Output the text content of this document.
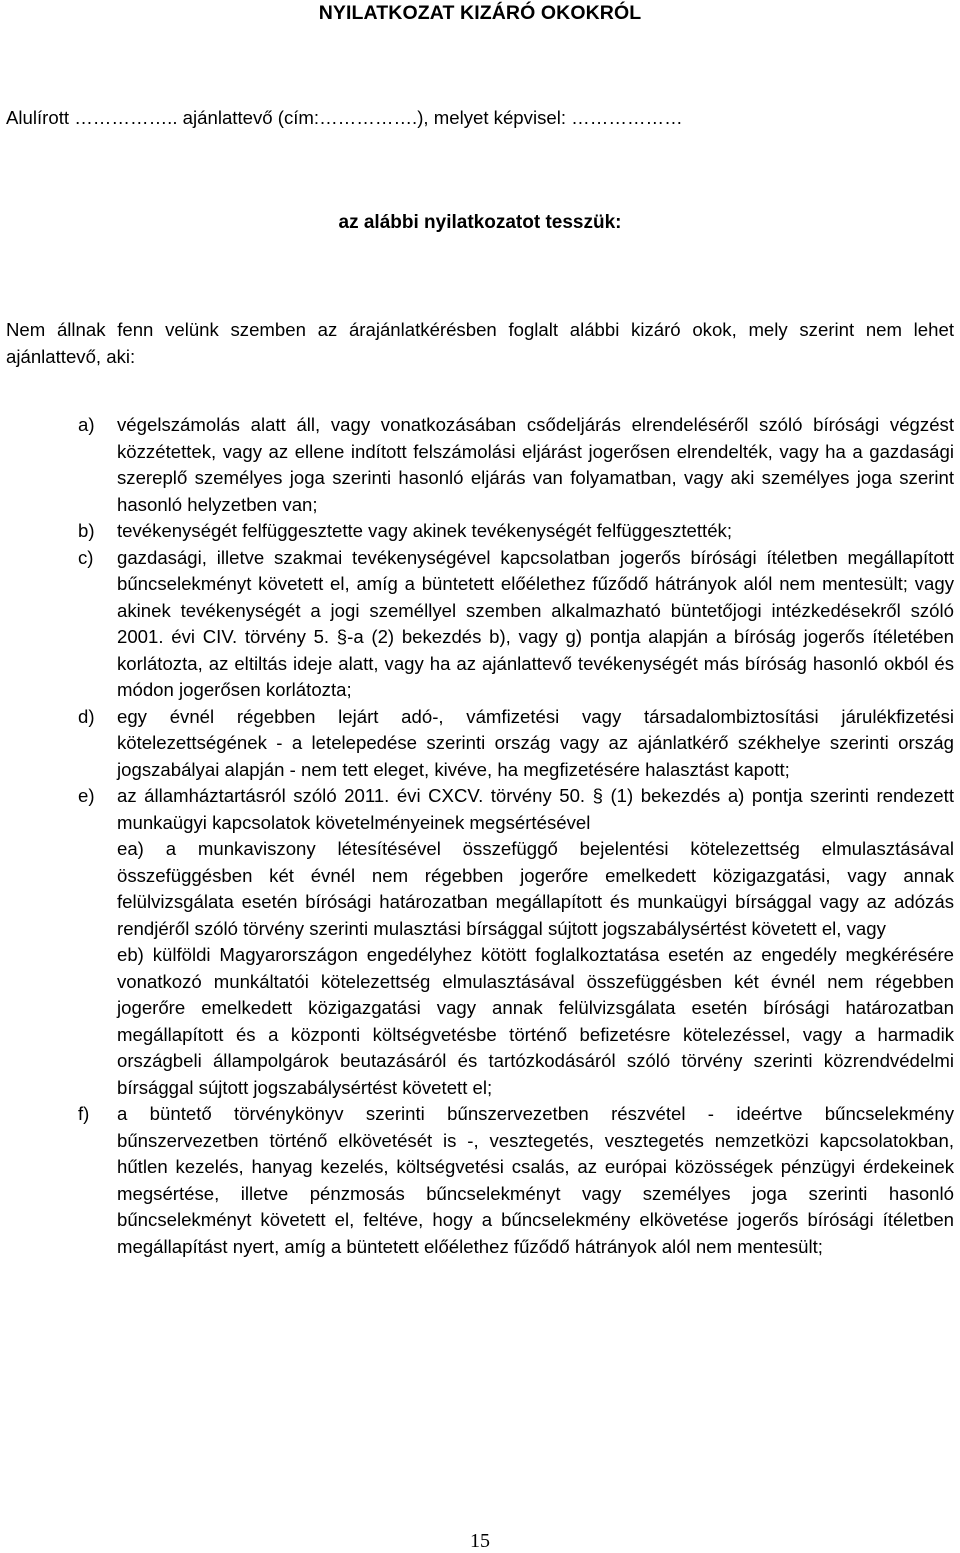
NYILATKOZAT KIZÁRÓ OKOKRÓL
Alulírott …………….. ajánlattevő (cím:…………….), melyet képvisel: ………………
az alábbi nyilatkozatot tesszük:
Nem állnak fenn velünk szemben az árajánlatkérésben foglalt alábbi kizáró okok, mely szerint nem lehet ajánlattevő, aki:
a) végelszámolás alatt áll, vagy vonatkozásában csődeljárás elrendeléséről szóló bírósági végzést közzétettek, vagy az ellene indított felszámolási eljárást jogerősen elrendelték, vagy ha a gazdasági szereplő személyes joga szerinti hasonló eljárás van folyamatban, vagy aki személyes joga szerint hasonló helyzetben van;
b) tevékenységét felfüggesztette vagy akinek tevékenységét felfüggesztették;
c) gazdasági, illetve szakmai tevékenységével kapcsolatban jogerős bírósági ítéletben megállapított bűncselekményt követett el, amíg a büntetett előélethez fűződő hátrányok alól nem mentesült; vagy akinek tevékenységét a jogi személlyel szemben alkalmazható büntetőjogi intézkedésekről szóló 2001. évi CIV. törvény 5. §-a (2) bekezdés b), vagy g) pontja alapján a bíróság jogerős ítéletében korlátozta, az eltiltás ideje alatt, vagy ha az ajánlattevő tevékenységét más bíróság hasonló okból és módon jogerősen korlátozta;
d) egy évnél régebben lejárt adó-, vámfizetési vagy társadalombiztosítási járulékfizetési kötelezettségének - a letelepedése szerinti ország vagy az ajánlatkérő székhelye szerinti ország jogszabályai alapján - nem tett eleget, kivéve, ha megfizetésére halasztást kapott;
e) az államháztartásról szóló 2011. évi CXCV. törvény 50. § (1) bekezdés a) pontja szerinti rendezett munkaügyi kapcsolatok követelményeinek megsértésével
ea) a munkaviszony létesítésével összefüggő bejelentési kötelezettség elmulasztásával összefüggésben két évnél nem régebben jogerőre emelkedett közigazgatási, vagy annak felülvizsgálata esetén bírósági határozatban megállapított és munkaügyi bírsággal vagy az adózás rendjéről szóló törvény szerinti mulasztási bírsággal sújtott jogszabálysértést követett el, vagy
eb) külföldi Magyarországon engedélyhez kötött foglalkoztatása esetén az engedély megkérésére vonatkozó munkáltatói kötelezettség elmulasztásával összefüggésben két évnél nem régebben jogerőre emelkedett közigazgatási vagy annak felülvizsgálata esetén bírósági határozatban megállapított és a központi költségvetésbe történő befizetésre kötelezéssel, vagy a harmadik országbeli állampolgárok beutazásáról és tartózkodásáról szóló törvény szerinti közrendvédelmi bírsággal sújtott jogszabálysértést követett el;
f) a büntető törvénykönyv szerinti bűnszervezetben részvétel - ideértve bűncselekmény bűnszervezetben történő elkövetését is -, vesztegetés, vesztegetés nemzetközi kapcsolatokban, hűtlen kezelés, hanyag kezelés, költségvetési csalás, az európai közösségek pénzügyi érdekeinek megsértése, illetve pénzmosás bűncselekményt vagy személyes joga szerinti hasonló bűncselekményt követett el, feltéve, hogy a bűncselekmény elkövetése jogerős bírósági ítéletben megállapítást nyert, amíg a büntetett előélethez fűződő hátrányok alól nem mentesült;
15
